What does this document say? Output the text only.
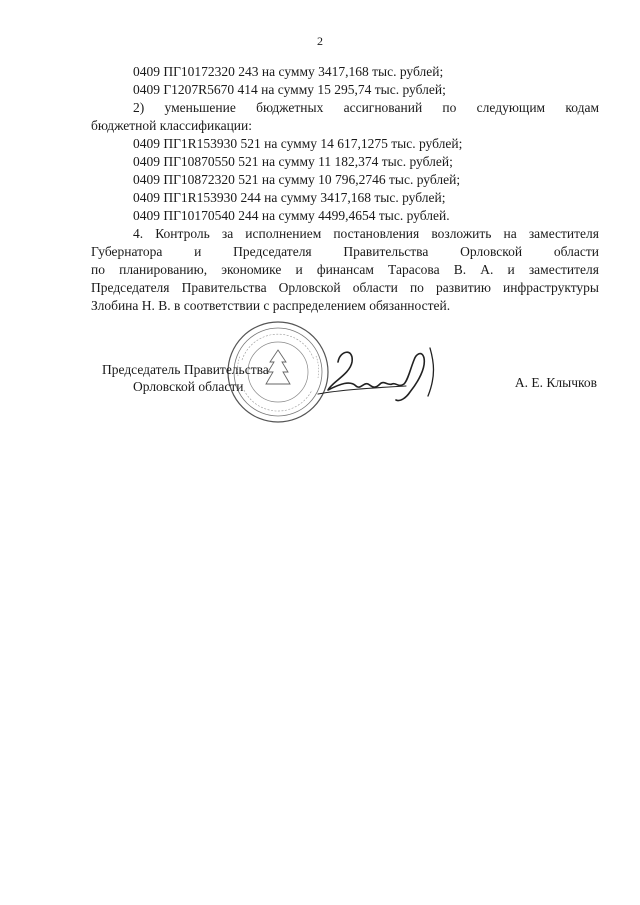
2
0409 ПГ10172320 243 на сумму 3417,168 тыс. рублей;
0409 Г1207R5670 414 на сумму 15 295,74 тыс. рублей;
2) уменьшение бюджетных ассигнований по следующим кодам
бюджетной классификации:
0409 ПГ1R153930 521 на сумму 14 617,1275 тыс. рублей;
0409 ПГ10870550 521 на сумму 11 182,374 тыс. рублей;
0409 ПГ10872320 521 на сумму 10 796,2746 тыс. рублей;
0409 ПГ1R153930 244 на сумму 3417,168 тыс. рублей;
0409 ПГ10170540 244 на сумму 4499,4654 тыс. рублей.
4. Контроль за исполнением постановления возложить на заместителя
Губернатора и Председателя Правительства Орловской области
по планированию, экономике и финансам Тарасова В. А. и заместителя
Председателя Правительства Орловской области по развитию инфраструктуры
Злобина Н. В. в соответствии с распределением обязанностей.
Председатель Правительства
Орловской области	А. Е. Клычков
